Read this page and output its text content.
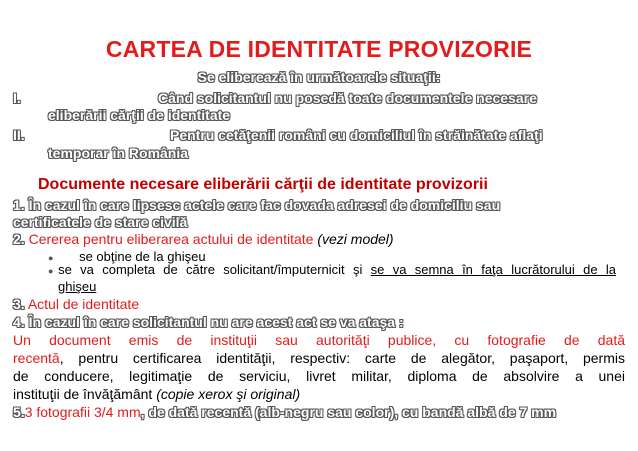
CARTEA DE IDENTITATE PROVIZORIE
Se eliberează în următoarele situaţii:
I.	Când solicitantul nu posedă toate documentele necesare
eliberării cărţii de identitate
II.	Pentru cetăţenii români cu domiciliul în străinătate aflaţi
temporar în România
Documente necesare eliberării cărţii de identitate provizorii
1. În cazul în care lipsesc actele care fac dovada adresei de domiciliu sau
certificatele de stare civilă
2. Cererea pentru eliberarea actului de identitate (vezi model)
● se obţine de la ghişeu
●se va completa de către solicitant/împuternicit şi se va semna în faţa lucrătorului de la
ghişeu
3. Actul de identitate
4. În cazul în care solicitantul nu are acest act se va ataşa :
Un document emis de instituţii sau autorităţi publice, cu fotografie de dată
recentă, pentru certificarea identităţii, respectiv: carte de alegător, paşaport, permis
de conducere, legitimaţie de serviciu, livret militar, diploma de absolvire a unei
instituţii de învăţământ (copie xerox şi original)
5.3 fotografii 3/4 mm, de dată recentă (alb-negru sau color), cu bandă albă de 7 mm
